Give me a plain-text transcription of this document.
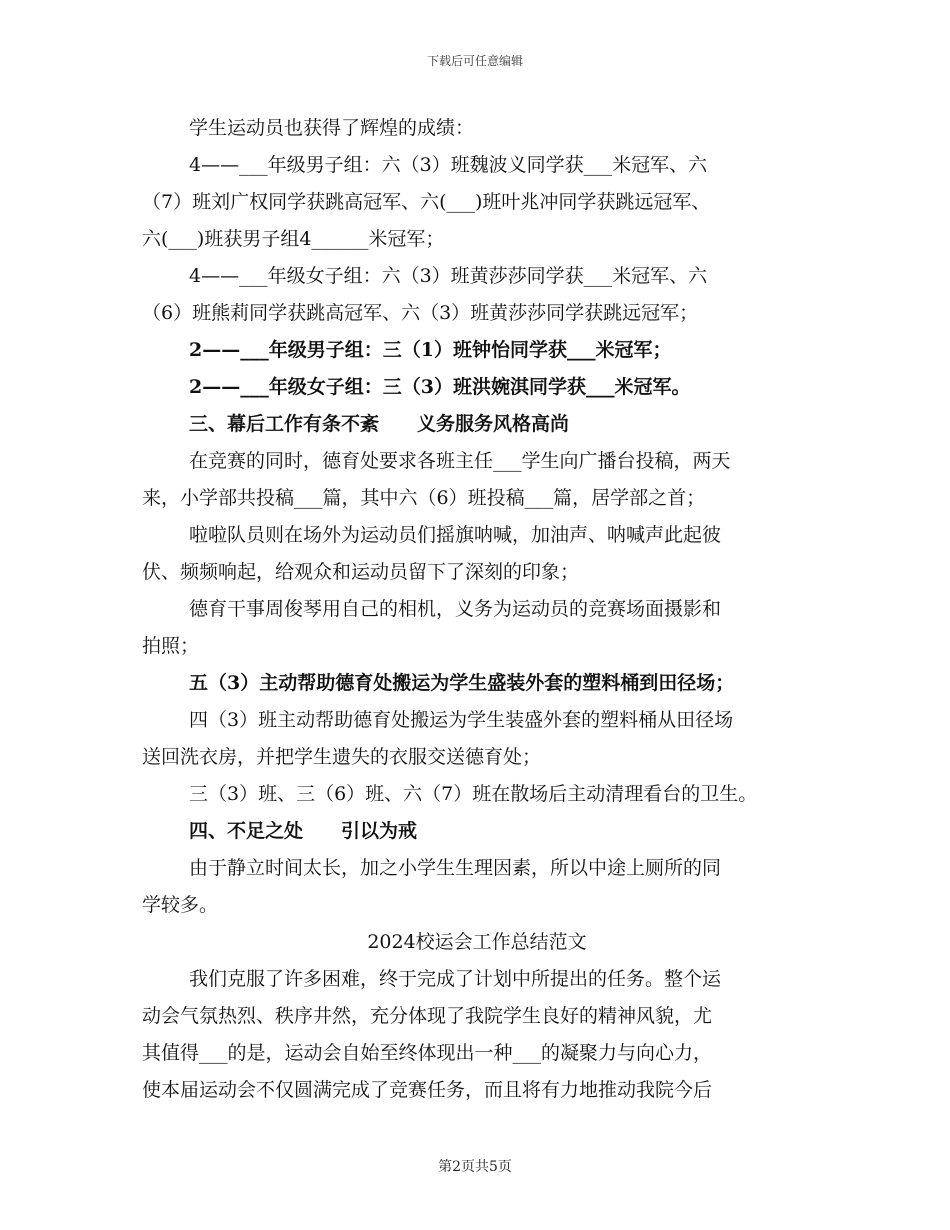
下载后可任意编辑
学生运动员也获得了辉煌的成绩：
4——___年级男子组：六（3）班魏波义同学获___米冠军、六
（7）班刘广权同学获跳高冠军、六(___)班叶兆冲同学获跳远冠军、
六(___)班获男子组4______米冠军；
4——___年级女子组：六（3）班黄莎莎同学获___米冠军、六
（6）班熊莉同学获跳高冠军、六（3）班黄莎莎同学获跳远冠军；
2——___年级男子组：三（1）班钟怡同学获___米冠军；
2——___年级女子组：三（3）班洪婉淇同学获___米冠军。
三、幕后工作有条不紊　　义务服务风格高尚
在竞赛的同时，德育处要求各班主任___学生向广播台投稿，两天
来，小学部共投稿___篇，其中六（6）班投稿___篇，居学部之首；
啦啦队员则在场外为运动员们摇旗呐喊，加油声、呐喊声此起彼
伏、频频响起，给观众和运动员留下了深刻的印象；
德育干事周俊琴用自己的相机，义务为运动员的竞赛场面摄影和
拍照；
五（3）主动帮助德育处搬运为学生盛装外套的塑料桶到田径场；
四（3）班主动帮助德育处搬运为学生装盛外套的塑料桶从田径场
送回洗衣房，并把学生遗失的衣服交送德育处；
三（3）班、三（6）班、六（7）班在散场后主动清理看台的卫生。
四、不足之处　　引以为戒
由于静立时间太长，加之小学生生理因素，所以中途上厕所的同
学较多。
2024校运会工作总结范文
我们克服了许多困难，终于完成了计划中所提出的任务。整个运
动会气氛热烈、秩序井然，充分体现了我院学生良好的精神风貌，尤
其值得___的是，运动会自始至终体现出一种___的凝聚力与向心力，
使本届运动会不仅圆满完成了竞赛任务，而且将有力地推动我院今后
第2页共5页
